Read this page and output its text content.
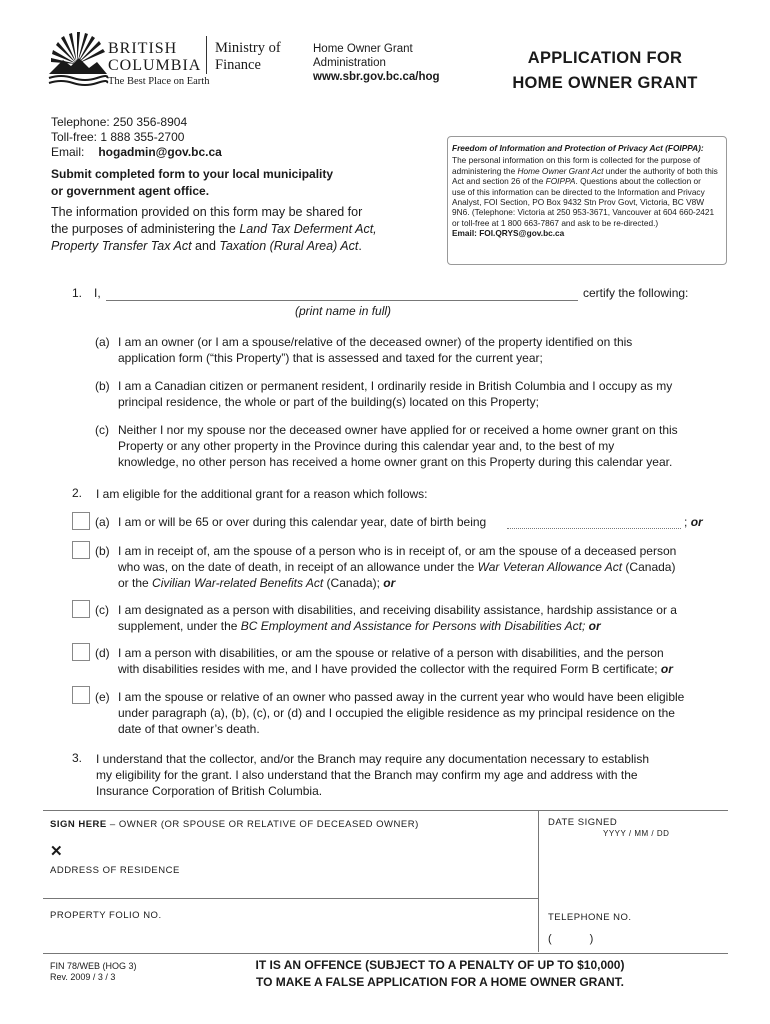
BRITISH
COLUMBIA
The Best Place on Earth
Ministry of
Finance
Home Owner Grant
Administration
www.sbr.gov.bc.ca/hog
APPLICATION FOR
HOME OWNER GRANT
Telephone: 250 356-8904
Toll-free: 1 888 355-2700
Email: hogadmin@gov.bc.ca
Submit completed form to your local municipality
or government agent office.
The information provided on this form may be shared for
the purposes of administering the Land Tax Deferment Act,
Property Transfer Tax Act and Taxation (Rural Area) Act.
Freedom of Information and Protection of Privacy Act (FOIPPA):
The personal information on this form is collected for the purpose of
administering the Home Owner Grant Act under the authority of both this
Act and section 26 of the FOIPPA. Questions about the collection or
use of this information can be directed to the Information and Privacy
Analyst, FOI Section, PO Box 9432 Stn Prov Govt, Victoria, BC V8W
9N6. (Telephone: Victoria at 250 953-3671, Vancouver at 604 660-2421
or toll-free at 1 800 663-7867 and ask to be re-directed.)
Email: FOI.QRYS@gov.bc.ca
1. I,	certify the following:
(print name in full)
(a) I am an owner (or I am a spouse/relative of the deceased owner) of the property identified on this
application form (“this Property”) that is assessed and taxed for the current year;
(b) I am a Canadian citizen or permanent resident, I ordinarily reside in British Columbia and I occupy as my
principal residence, the whole or part of the building(s) located on this Property;
(c) Neither I nor my spouse nor the deceased owner have applied for or received a home owner grant on this
Property or any other property in the Province during this calendar year and, to the best of my
knowledge, no other person has received a home owner grant on this Property during this calendar year.
2. I am eligible for the additional grant for a reason which follows:
(a) I am or will be 65 or over during this calendar year, date of birth being	; or
(b) I am in receipt of, am the spouse of a person who is in receipt of, or am the spouse of a deceased person
who was, on the date of death, in receipt of an allowance under the War Veteran Allowance Act (Canada)
or the Civilian War-related Benefits Act (Canada); or
(c) I am designated as a person with disabilities, and receiving disability assistance, hardship assistance or a
supplement, under the BC Employment and Assistance for Persons with Disabilities Act; or
(d) I am a person with disabilities, or am the spouse or relative of a person with disabilities, and the person
with disabilities resides with me, and I have provided the collector with the required Form B certificate; or
(e) I am the spouse or relative of an owner who passed away in the current year who would have been eligible
under paragraph (a), (b), (c), or (d) and I occupied the eligible residence as my principal residence on the
date of that owner’s death.
3. I understand that the collector, and/or the Branch may require any documentation necessary to establish
my eligibility for the grant. I also understand that the Branch may confirm my age and address with the
Insurance Corporation of British Columbia.
SIGN HERE – OWNER (OR SPOUSE OR RELATIVE OF DECEASED OWNER)
✕
DATE SIGNED
YYYY / MM / DD
ADDRESS OF RESIDENCE
PROPERTY FOLIO NO.	TELEPHONE NO.
(	)
FIN 78/WEB (HOG 3)
Rev. 2009 / 3 / 3
IT IS AN OFFENCE (SUBJECT TO A PENALTY OF UP TO $10,000)
TO MAKE A FALSE APPLICATION FOR A HOME OWNER GRANT.
